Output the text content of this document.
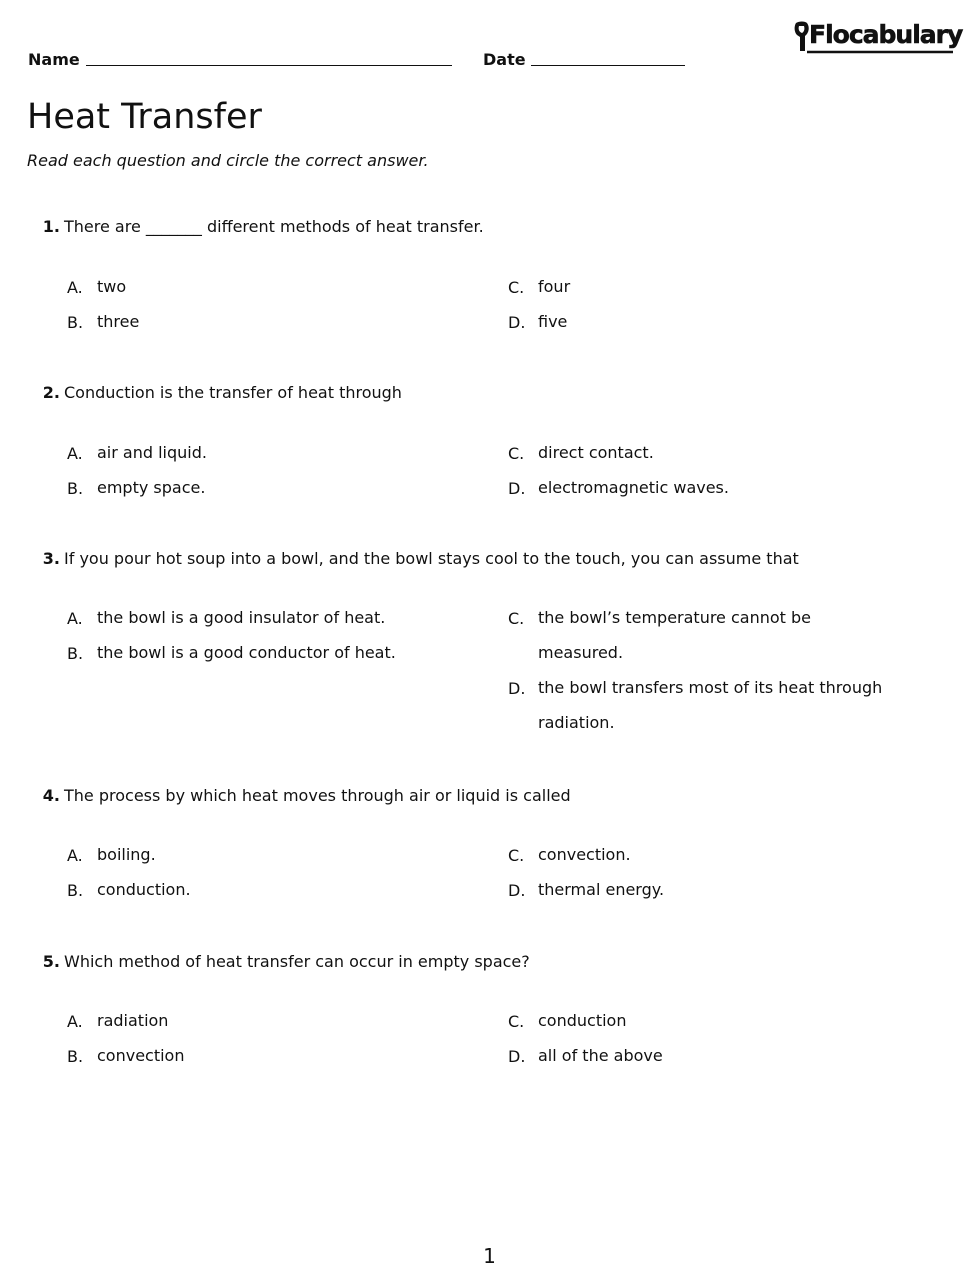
Name	Date
Flocabulary
Heat Transfer
Read each question and circle the correct answer.
1. There are _______ different methods of heat transfer.
A. two
B. three
C. four
D. five
2. Conduction is the transfer of heat through
A. air and liquid.
B. empty space.
C. direct contact.
D. electromagnetic waves.
3. If you pour hot soup into a bowl, and the bowl stays cool to the touch, you can assume that
A. the bowl is a good insulator of heat.
B. the bowl is a good conductor of heat.
C. the bowl’s temperature cannot be measured.
D. the bowl transfers most of its heat through radiation.
4. The process by which heat moves through air or liquid is called
A. boiling.
B. conduction.
C. convection.
D. thermal energy.
5. Which method of heat transfer can occur in empty space?
A. radiation
B. convection
C. conduction
D. all of the above
1
